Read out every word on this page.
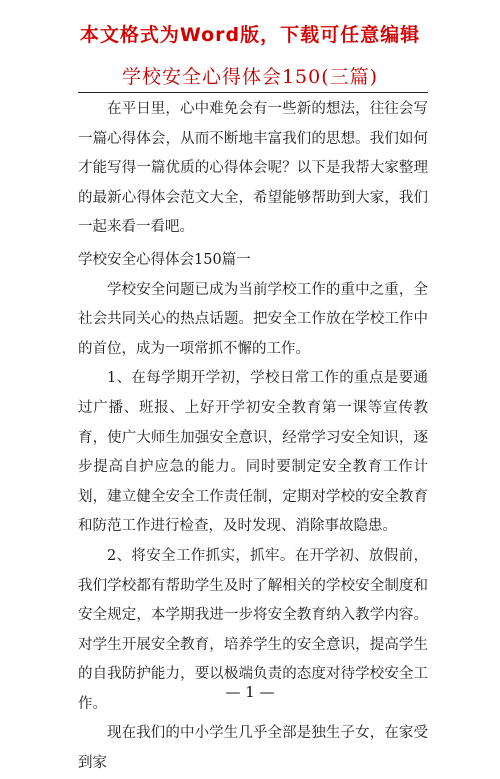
本文格式为Word版，下载可任意编辑
学校安全心得体会150(三篇)

在平日里，心中难免会有一些新的想法，往往会写一篇心得体会，从而不断地丰富我们的思想。我们如何才能写得一篇优质的心得体会呢？以下是我帮大家整理的最新心得体会范文大全，希望能够帮助到大家，我们一起来看一看吧。

学校安全心得体会150篇一

学校安全问题已成为当前学校工作的重中之重，全社会共同关心的热点话题。把安全工作放在学校工作中的首位，成为一项常抓不懈的工作。

1、在每学期开学初，学校日常工作的重点是要通过广播、班报、上好开学初安全教育第一课等宣传教育，使广大师生加强安全意识，经常学习安全知识，逐步提高自护应急的能力。同时要制定安全教育工作计划，建立健全安全工作责任制，定期对学校的安全教育和防范工作进行检查，及时发现、消除事故隐患。

2、将安全工作抓实，抓牢。在开学初、放假前，我们学校都有帮助学生及时了解相关的学校安全制度和安全规定，本学期我进一步将安全教育纳入教学内容。对学生开展安全教育，培养学生的安全意识，提高学生的自我防护能力，要以极端负责的态度对待学校安全工作。

现在我们的中小学生几乎全部是独生子女，在家受到家

— 1 —
